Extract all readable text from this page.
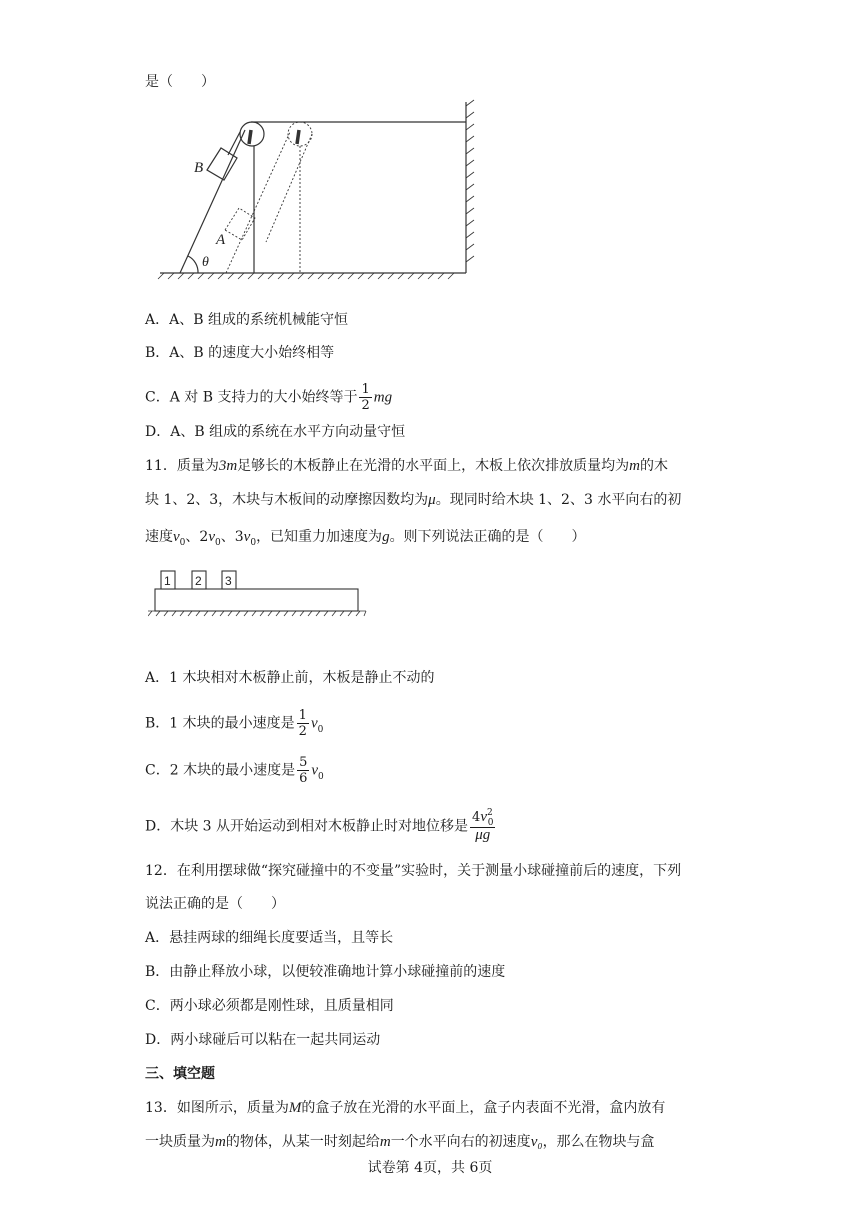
是（　　）
B
A
θ
A．A、B 组成的系统机械能守恒
B．A、B 的速度大小始终相等
C．A 对 B 支持力的大小始终等于 $\frac{1}{2}$ mg
D．A、B 组成的系统在水平方向动量守恒
11．质量为3m足够长的木板静止在光滑的水平面上，木板上依次排放质量均为m的木
块 1、2、3，木块与木板间的动摩擦因数均为μ。现同时给木块 1、2、3 水平向右的初
速度$v_0$、$2v_0$、$3v_0$，已知重力加速度为g。则下列说法正确的是（　　）
1 2 3
A．1 木块相对木板静止前，木板是静止不动的
B．1 木块的最小速度是 $\frac{1}{2} v_0$
C．2 木块的最小速度是 $\frac{5}{6} v_0$
D．木块 3 从开始运动到相对木板静止时对地位移是 $\frac{4v^2_0}{\mu g}$
12．在利用摆球做“探究碰撞中的不变量”实验时，关于测量小球碰撞前后的速度，下列
说法正确的是（　　）
A．悬挂两球的细绳长度要适当，且等长
B．由静止释放小球，以便较准确地计算小球碰撞前的速度
C．两小球必须都是刚性球，且质量相同
D．两小球碰后可以粘在一起共同运动
三、填空题
13．如图所示，质量为M的盒子放在光滑的水平面上，盒子内表面不光滑，盒内放有
一块质量为m的物体，从某一时刻起给m一个水平向右的初速度v₀，那么在物块与盒
试卷第 4页，共 6页
